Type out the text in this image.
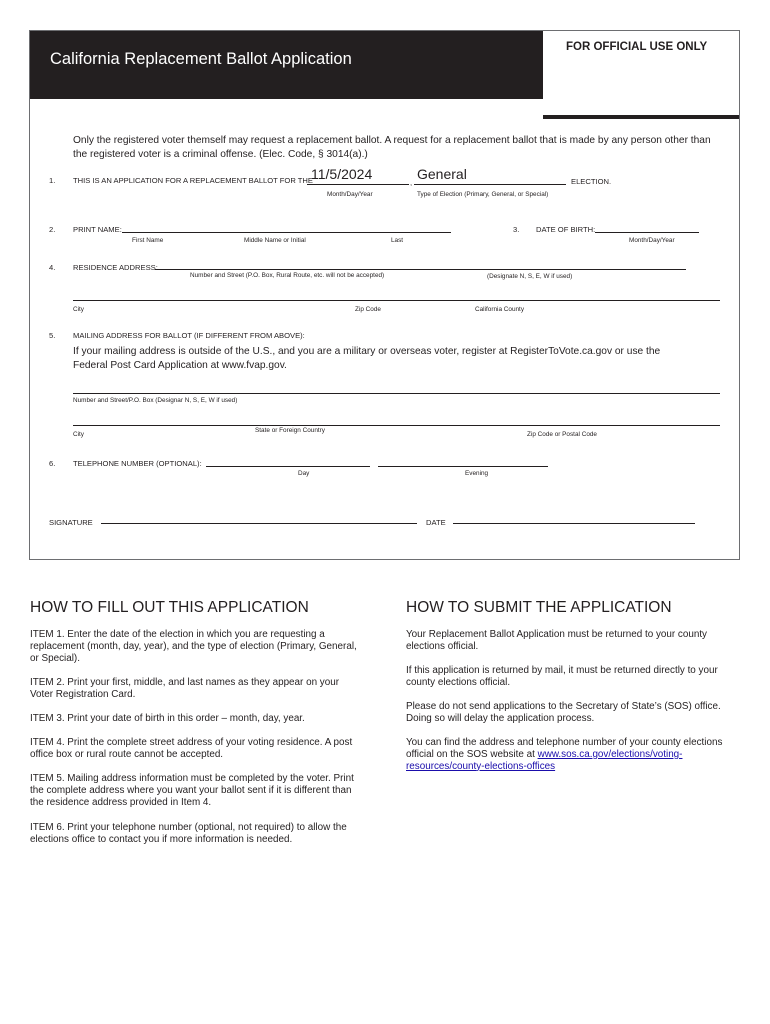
California Replacement Ballot Application
FOR OFFICIAL USE ONLY
Only the registered voter themself may request a replacement ballot. A request for a replacement ballot that is made by any person other than the registered voter is a criminal offense. (Elec. Code, § 3014(a).)
1. THIS IS AN APPLICATION FOR A REPLACEMENT BALLOT FOR THE
11/5/2024
,
General	ELECTION.
Month/Day/Year	Type of Election (Primary, General, or Special)
2. PRINT NAME:
First Name	Middle Name or Initial	Last
3. DATE OF BIRTH:
Month/Day/Year
4. RESIDENCE ADDRESS:
Number and Street (P.O. Box, Rural Route, etc. will not be accepted)	(Designate N, S, E, W if used)
City	Zip Code	California County
5. MAILING ADDRESS FOR BALLOT (IF DIFFERENT FROM ABOVE):
If your mailing address is outside of the U.S., and you are a military or overseas voter, register at RegisterToVote.ca.gov or use the Federal Post Card Application at www.fvap.gov.
Number and Street/P.O. Box (Designar N, S, E, W if used)
City
State or Foreign Country
Zip Code or Postal Code
6. TELEPHONE NUMBER (OPTIONAL):
Day	Evening
SIGNATURE	DATE
HOW TO FILL OUT THIS APPLICATION
ITEM 1. Enter the date of the election in which you are requesting a replacement (month, day, year), and the type of election (Primary, General, or Special).
ITEM 2. Print your first, middle, and last names as they appear on your Voter Registration Card.
ITEM 3. Print your date of birth in this order – month, day, year.
ITEM 4. Print the complete street address of your voting residence. A post office box or rural route cannot be accepted.
ITEM 5. Mailing address information must be completed by the voter. Print the complete address where you want your ballot sent if it is different than the residence address provided in Item 4.
ITEM 6. Print your telephone number (optional, not required) to allow the elections office to contact you if more information is needed.
HOW TO SUBMIT THE APPLICATION
Your Replacement Ballot Application must be returned to your county elections official.
If this application is returned by mail, it must be returned directly to your county elections official.
Please do not send applications to the Secretary of State’s (SOS) office. Doing so will delay the application process.
You can find the address and telephone number of your county elections official on the SOS website at www.sos.ca.gov/elections/voting-resources/county-elections-offices
